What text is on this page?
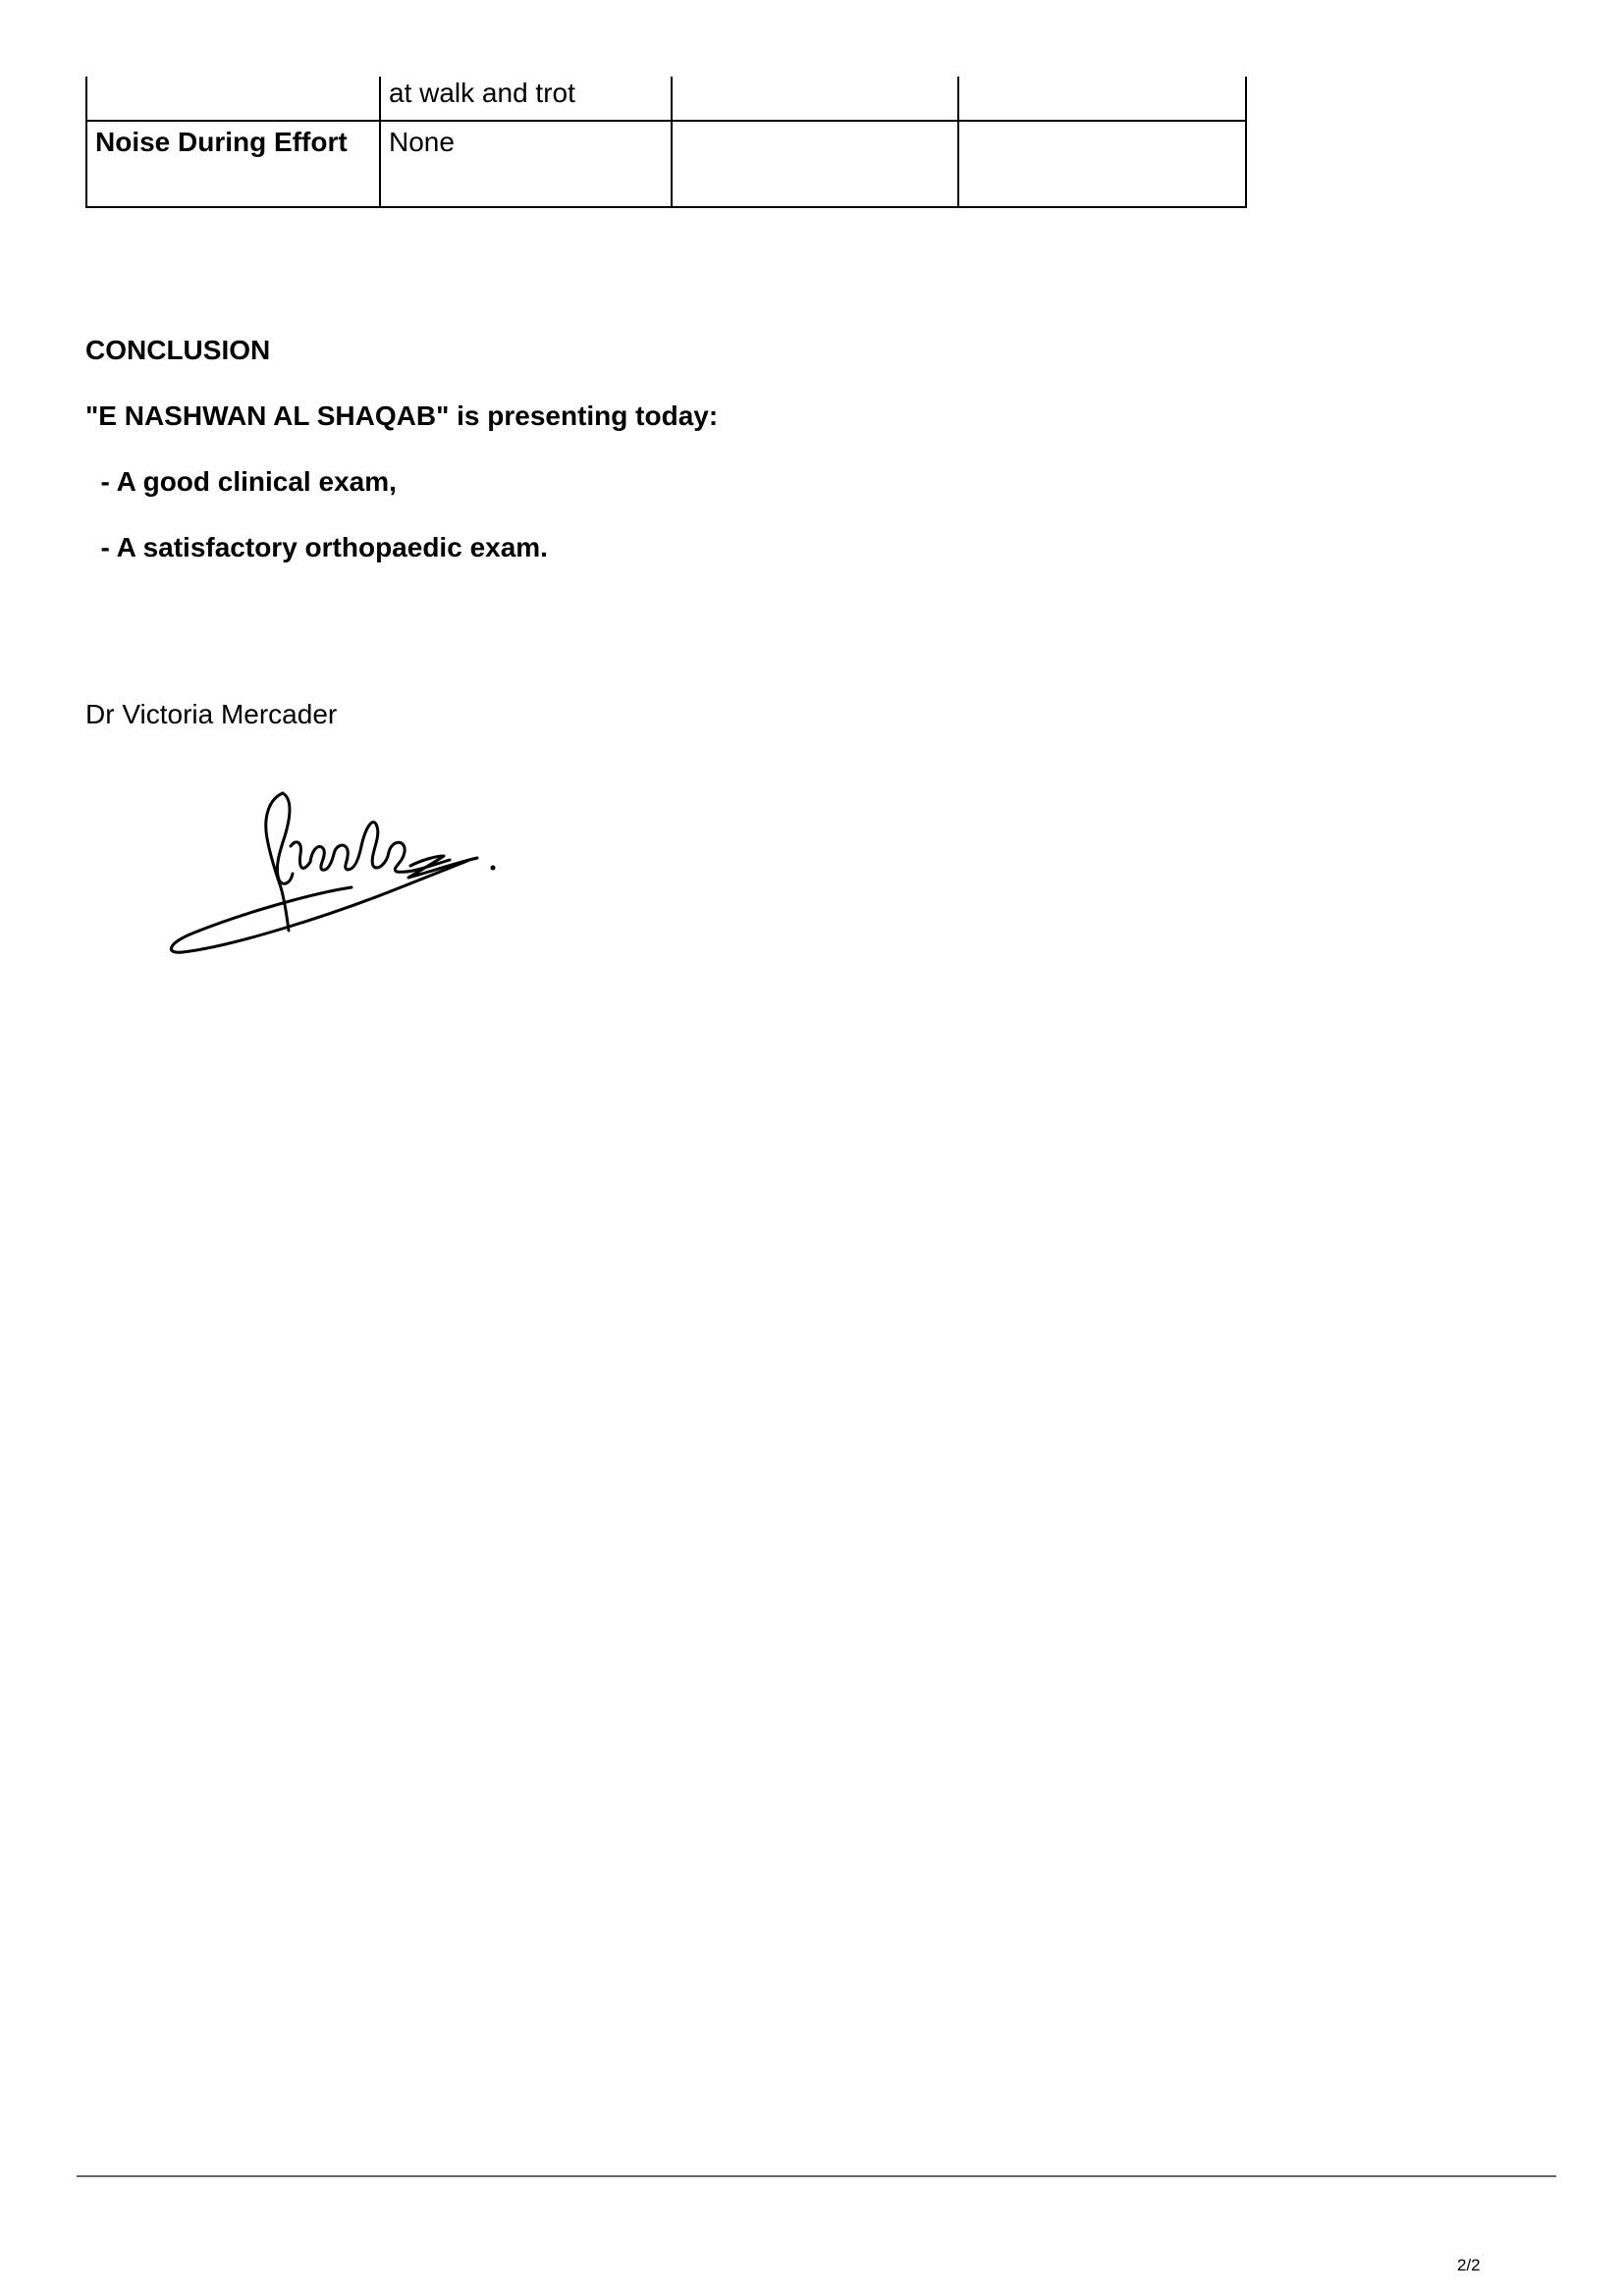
	at walk and trot		

Noise During Effort	None		
CONCLUSION
"E NASHWAN AL SHAQAB" is presenting today:
- A good clinical exam,
- A satisfactory orthopaedic exam.
Dr Victoria Mercader
2/2
